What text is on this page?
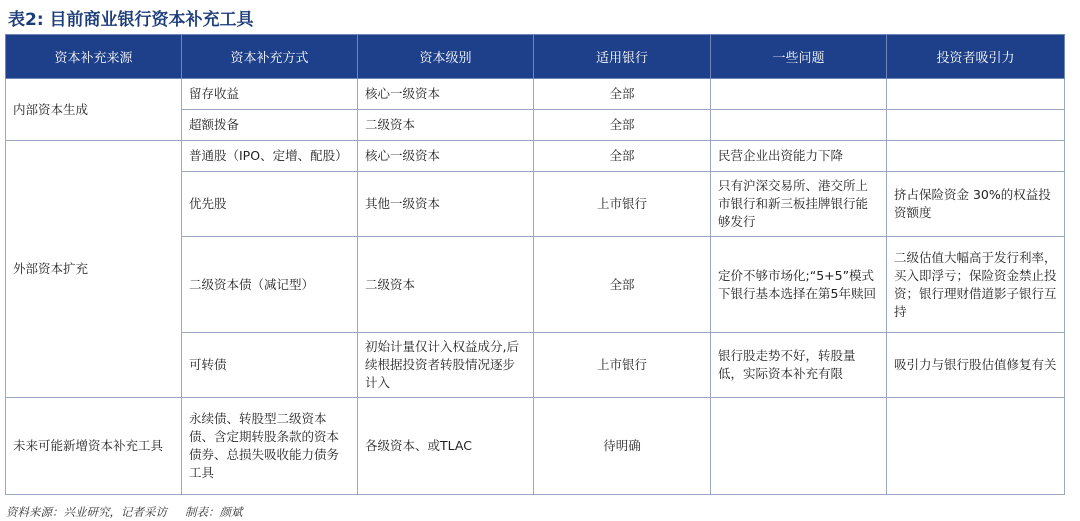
表2: 目前商业银行资本补充工具
资本补充来源	资本补充方式	资本级别	适用银行	一些问题	投资者吸引力
内部资本生成	留存收益	核心一级资本	全部		
	超额拨备	二级资本	全部		
外部资本扩充	普通股（IPO、定增、配股）	核心一级资本	全部	民营企业出资能力下降	
	优先股	其他一级资本	上市银行	只有沪深交易所、港交所上市银行和新三板挂牌银行能够发行	挤占保险资金 30%的权益投资额度
	二级资本债（减记型）	二级资本	全部	定价不够市场化;“5+5”模式下银行基本选择在第5年赎回	二级估值大幅高于发行利率，买入即浮亏；保险资金禁止投资；银行理财借道影子银行互持
	可转债	初始计量仅计入权益成分,后续根据投资者转股情况逐步计入	上市银行	银行股走势不好，转股量低，实际资本补充有限	吸引力与银行股估值修复有关
未来可能新增资本补充工具	永续债、转股型二级资本债、含定期转股条款的资本债券、总损失吸收能力债务工具	各级资本、或TLAC	待明确		
资料来源：兴业研究，记者采访 制表：颜斌
